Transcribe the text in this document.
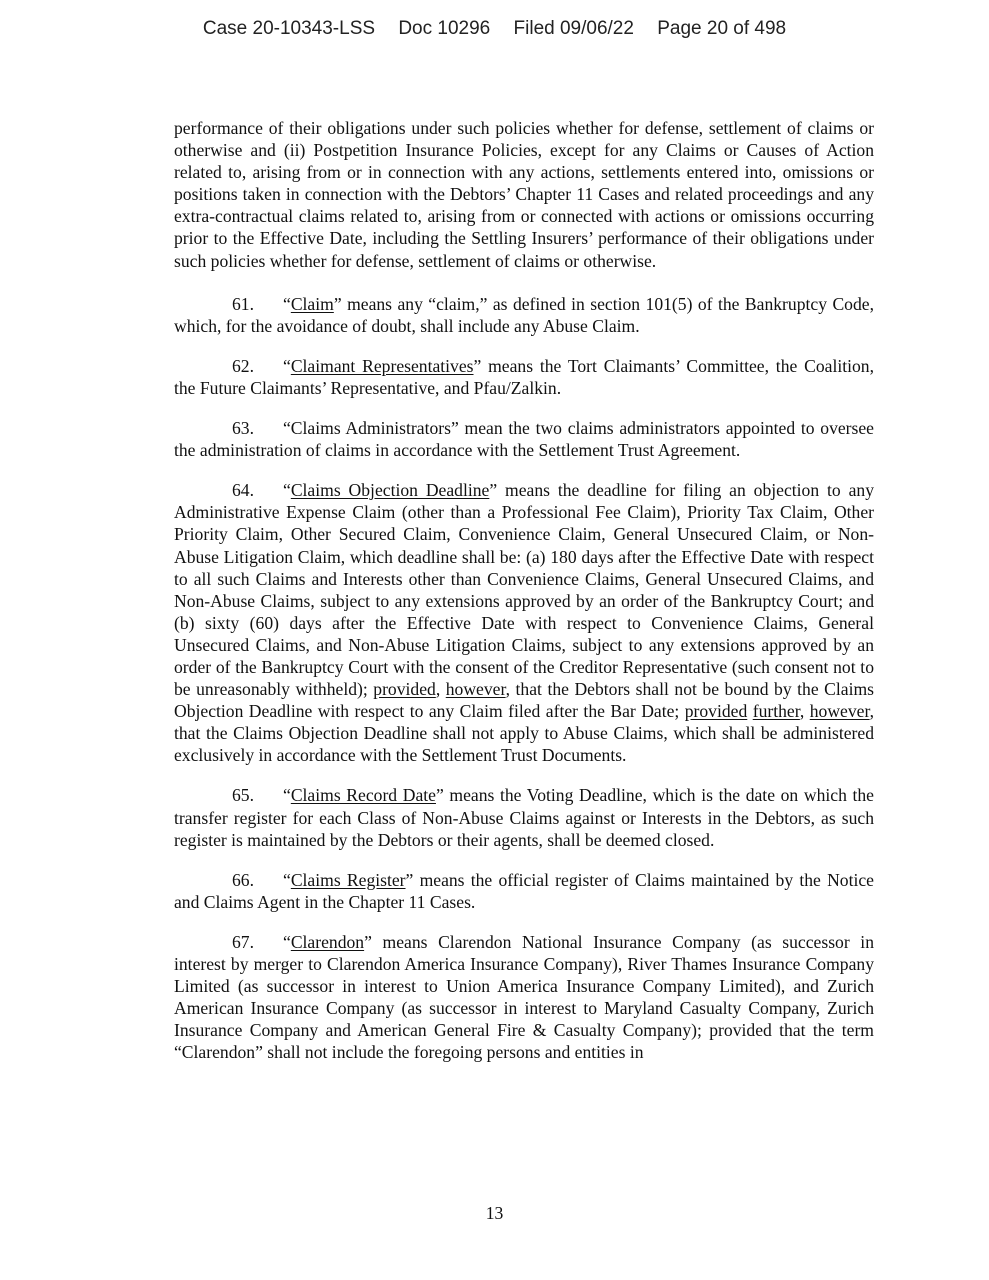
Case 20-10343-LSS Doc 10296 Filed 09/06/22 Page 20 of 498

performance of their obligations under such policies whether for defense, settlement of claims or otherwise and (ii) Postpetition Insurance Policies, except for any Claims or Causes of Action related to, arising from or in connection with any actions, settlements entered into, omissions or positions taken in connection with the Debtors’ Chapter 11 Cases and related proceedings and any extra-contractual claims related to, arising from or connected with actions or omissions occurring prior to the Effective Date, including the Settling Insurers’ performance of their obligations under such policies whether for defense, settlement of claims or otherwise.

61. “Claim” means any “claim,” as defined in section 101(5) of the Bankruptcy Code, which, for the avoidance of doubt, shall include any Abuse Claim.

62. “Claimant Representatives” means the Tort Claimants’ Committee, the Coalition, the Future Claimants’ Representative, and Pfau/Zalkin.

63. “Claims Administrators” mean the two claims administrators appointed to oversee the administration of claims in accordance with the Settlement Trust Agreement.

64. “Claims Objection Deadline” means the deadline for filing an objection to any Administrative Expense Claim (other than a Professional Fee Claim), Priority Tax Claim, Other Priority Claim, Other Secured Claim, Convenience Claim, General Unsecured Claim, or Non-Abuse Litigation Claim, which deadline shall be: (a) 180 days after the Effective Date with respect to all such Claims and Interests other than Convenience Claims, General Unsecured Claims, and Non-Abuse Claims, subject to any extensions approved by an order of the Bankruptcy Court; and (b) sixty (60) days after the Effective Date with respect to Convenience Claims, General Unsecured Claims, and Non-Abuse Litigation Claims, subject to any extensions approved by an order of the Bankruptcy Court with the consent of the Creditor Representative (such consent not to be unreasonably withheld); provided, however, that the Debtors shall not be bound by the Claims Objection Deadline with respect to any Claim filed after the Bar Date; provided further, however, that the Claims Objection Deadline shall not apply to Abuse Claims, which shall be administered exclusively in accordance with the Settlement Trust Documents.

65. “Claims Record Date” means the Voting Deadline, which is the date on which the transfer register for each Class of Non-Abuse Claims against or Interests in the Debtors, as such register is maintained by the Debtors or their agents, shall be deemed closed.

66. “Claims Register” means the official register of Claims maintained by the Notice and Claims Agent in the Chapter 11 Cases.

67. “Clarendon” means Clarendon National Insurance Company (as successor in interest by merger to Clarendon America Insurance Company), River Thames Insurance Company Limited (as successor in interest to Union America Insurance Company Limited), and Zurich American Insurance Company (as successor in interest to Maryland Casualty Company, Zurich Insurance Company and American General Fire & Casualty Company); provided that the term “Clarendon” shall not include the foregoing persons and entities in

13
